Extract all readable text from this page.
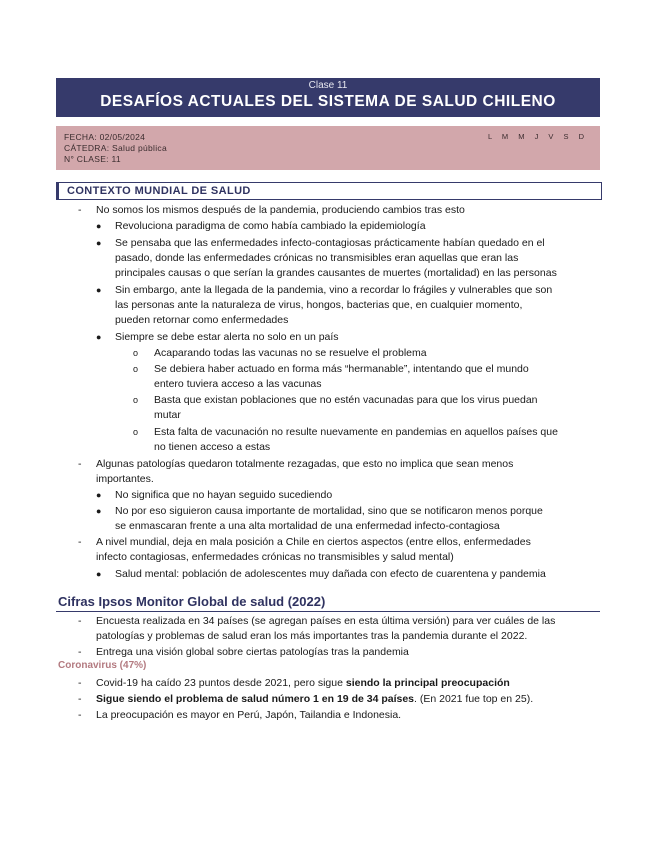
Clase 11
DESAFÍOS ACTUALES DEL SISTEMA DE SALUD CHILENO
FECHA: 02/05/2024
CÁTEDRA: Salud pública
N° CLASE: 11
L M M J V S D
CONTEXTO MUNDIAL DE SALUD
- No somos los mismos después de la pandemia, produciendo cambios tras esto
● Revoluciona paradigma de como había cambiado la epidemiología
● Se pensaba que las enfermedades infecto-contagiosas prácticamente habían quedado en el
pasado, donde las enfermedades crónicas no transmisibles eran aquellas que eran las
principales causas o que serían la grandes causantes de muertes (mortalidad) en las personas
● Sin embargo, ante la llegada de la pandemia, vino a recordar lo frágiles y vulnerables que son
las personas ante la naturaleza de virus, hongos, bacterias que, en cualquier momento,
pueden retornar como enfermedades
● Siempre se debe estar alerta no solo en un país
o Acaparando todas las vacunas no se resuelve el problema
o Se debiera haber actuado en forma más “hermanable”, intentando que el mundo
entero tuviera acceso a las vacunas
o Basta que existan poblaciones que no estén vacunadas para que los virus puedan
mutar
o Esta falta de vacunación no resulte nuevamente en pandemias en aquellos países que
no tienen acceso a estas
- Algunas patologías quedaron totalmente rezagadas, que esto no implica que sean menos
importantes.
● No significa que no hayan seguido sucediendo
● No por eso siguieron causa importante de mortalidad, sino que se notificaron menos porque
se enmascaran frente a una alta mortalidad de una enfermedad infecto-contagiosa
- A nivel mundial, deja en mala posición a Chile en ciertos aspectos (entre ellos, enfermedades
infecto contagiosas, enfermedades crónicas no transmisibles y salud mental)
● Salud mental: población de adolescentes muy dañada con efecto de cuarentena y pandemia
Cifras Ipsos Monitor Global de salud (2022)
- Encuesta realizada en 34 países (se agregan países en esta última versión) para ver cuáles de las
patologías y problemas de salud eran los más importantes tras la pandemia durante el 2022.
- Entrega una visión global sobre ciertas patologías tras la pandemia
Coronavirus (47%)
- Covid-19 ha caído 23 puntos desde 2021, pero sigue siendo la principal preocupación
- Sigue siendo el problema de salud número 1 en 19 de 34 países. (En 2021 fue top en 25).
- La preocupación es mayor en Perú, Japón, Tailandia e Indonesia.
